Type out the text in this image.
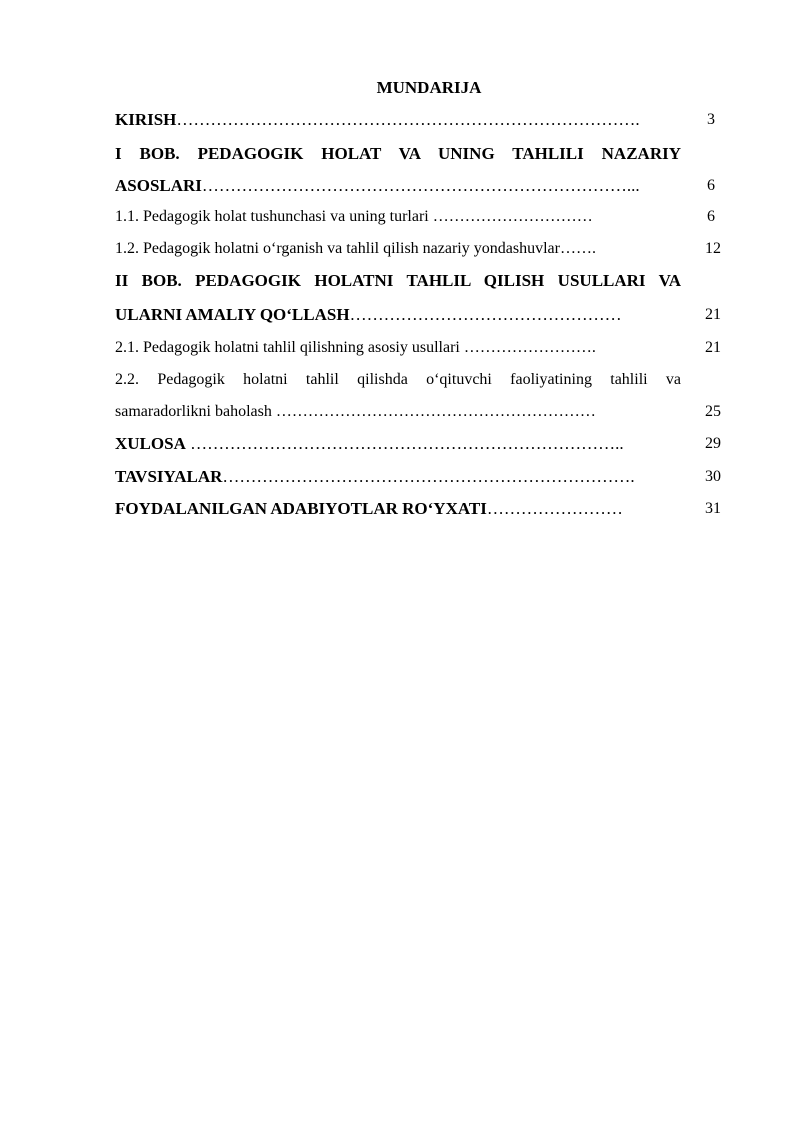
MUNDARIJA
KIRISH……………………………………………………………………….	3
I BOB. PEDAGOGIK HOLAT VA UNING TAHLILI NAZARIY
ASOSLARI…………………………………………………………………...	6
1.1. Pedagogik holat tushunchasi va uning turlari …………………………	6
1.2. Pedagogik holatni o‘rganish va tahlil qilish nazariy yondashuvlar…….	12
II BOB. PEDAGOGIK HOLATNI TAHLIL QILISH USULLARI VA
ULARNI AMALIY QO‘LLASH…………………………………………	21
2.1. Pedagogik holatni tahlil qilishning asosiy usullari …………………….	21
2.2. Pedagogik holatni tahlil qilishda o‘qituvchi faoliyatining tahlili va
samaradorlikni baholash ……………………………………………………	25
XULOSA …………………………………………………………………..	29
TAVSIYALAR……………………………………………………………….	30
FOYDALANILGAN ADABIYOTLAR RO‘YXATI……………………	31
